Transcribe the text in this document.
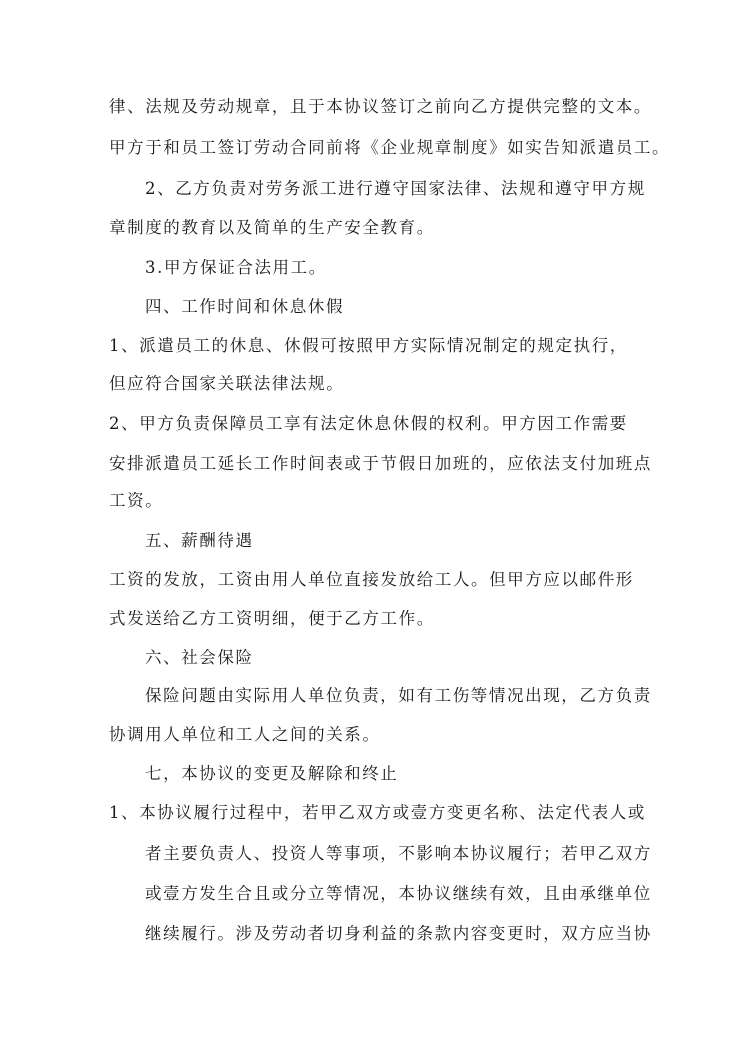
律、法规及劳动规章，且于本协议签订之前向乙方提供完整的文本。
甲方于和员工签订劳动合同前将《企业规章制度》如实告知派遣员工。
2、乙方负责对劳务派工进行遵守国家法律、法规和遵守甲方规
章制度的教育以及简单的生产安全教育。
3.甲方保证合法用工。
四、工作时间和休息休假
1、派遣员工的休息、休假可按照甲方实际情况制定的规定执行，
但应符合国家关联法律法规。
2、甲方负责保障员工享有法定休息休假的权利。甲方因工作需要
安排派遣员工延长工作时间表或于节假日加班的，应依法支付加班点
工资。
五、薪酬待遇
工资的发放，工资由用人单位直接发放给工人。但甲方应以邮件形
式发送给乙方工资明细，便于乙方工作。
六、社会保险
保险问题由实际用人单位负责，如有工伤等情况出现，乙方负责
协调用人单位和工人之间的关系。
七，本协议的变更及解除和终止
1、本协议履行过程中，若甲乙双方或壹方变更名称、法定代表人或
者主要负责人、投资人等事项，不影响本协议履行；若甲乙双方
或壹方发生合且或分立等情况，本协议继续有效，且由承继单位
继续履行。涉及劳动者切身利益的条款内容变更时，双方应当协
